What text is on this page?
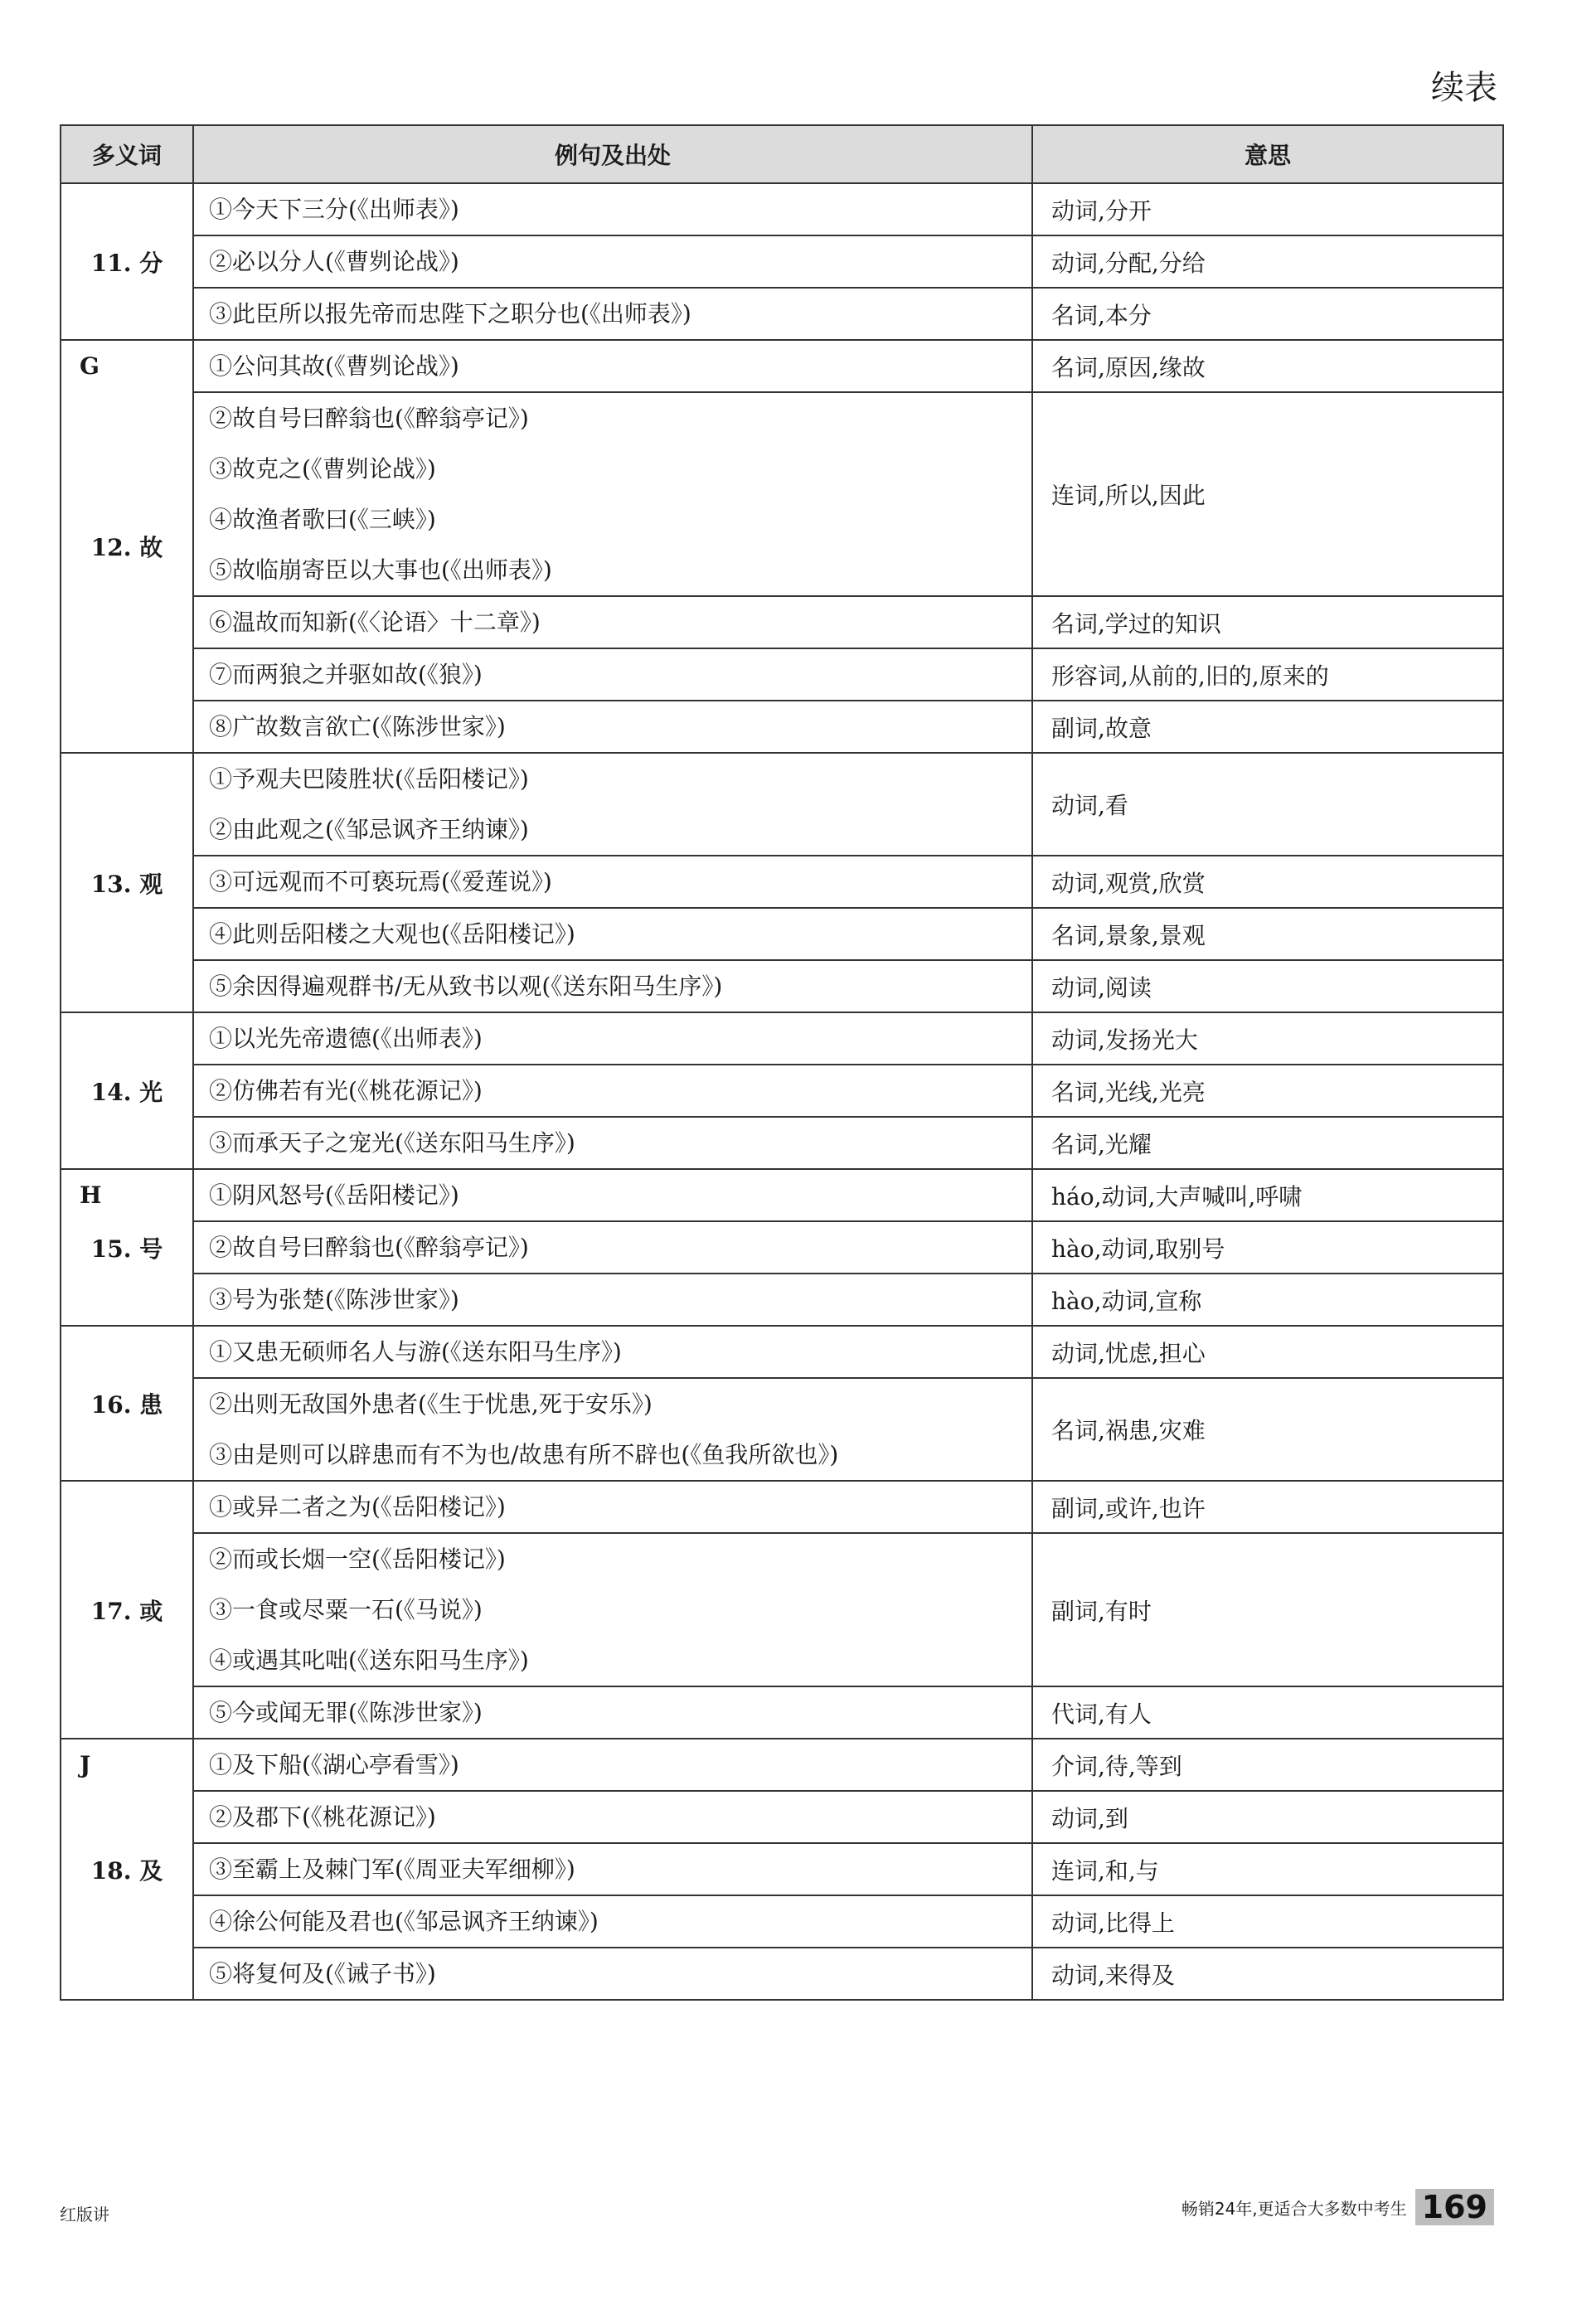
续表
多义词	例句及出处	意思
11. 分	①今天下三分(《出师表》)	动词,分开

	②必以分人(《曹刿论战》)	动词,分配,分给

	③此臣所以报先帝而忠陛下之职分也(《出师表》)	名词,本分

G
12. 故	①公问其故(《曹刿论战》)	名词,原因,缘故

	②故自号曰醉翁也(《醉翁亭记》)
③故克之(《曹刿论战》)
④故渔者歌曰(《三峡》)
⑤故临崩寄臣以大事也(《出师表》)	连词,所以,因此

	⑥温故而知新(《〈论语〉十二章》)	名词,学过的知识

	⑦而两狼之并驱如故(《狼》)	形容词,从前的,旧的,原来的

	⑧广故数言欲亡(《陈涉世家》)	副词,故意
13. 观	①予观夫巴陵胜状(《岳阳楼记》)
②由此观之(《邹忌讽齐王纳谏》)	动词,看

	③可远观而不可亵玩焉(《爱莲说》)	动词,观赏,欣赏

	④此则岳阳楼之大观也(《岳阳楼记》)	名词,景象,景观

	⑤余因得遍观群书/无从致书以观(《送东阳马生序》)	动词,阅读
14. 光	①以光先帝遗德(《出师表》)	动词,发扬光大

	②仿佛若有光(《桃花源记》)	名词,光线,光亮

	③而承天子之宠光(《送东阳马生序》)	名词,光耀

H
15. 号	①阴风怒号(《岳阳楼记》)	háo,动词,大声喊叫,呼啸

	②故自号曰醉翁也(《醉翁亭记》)	hào,动词,取别号

	③号为张楚(《陈涉世家》)	hào,动词,宣称
16. 患	①又患无硕师名人与游(《送东阳马生序》)	动词,忧虑,担心

	②出则无敌国外患者(《生于忧患,死于安乐》)
③由是则可以辟患而有不为也/故患有所不辟也(《鱼我所欲也》)	名词,祸患,灾难
17. 或	①或异二者之为(《岳阳楼记》)	副词,或许,也许

	②而或长烟一空(《岳阳楼记》)
③一食或尽粟一石(《马说》)
④或遇其叱咄(《送东阳马生序》)	副词,有时

	⑤今或闻无罪(《陈涉世家》)	代词,有人

J
18. 及	①及下船(《湖心亭看雪》)	介词,待,等到

	②及郡下(《桃花源记》)	动词,到

	③至霸上及棘门军(《周亚夫军细柳》)	连词,和,与

	④徐公何能及君也(《邹忌讽齐王纳谏》)	动词,比得上

	⑤将复何及(《诫子书》)	动词,来得及
红版讲	畅销24年,更适合大多数中考生 169
